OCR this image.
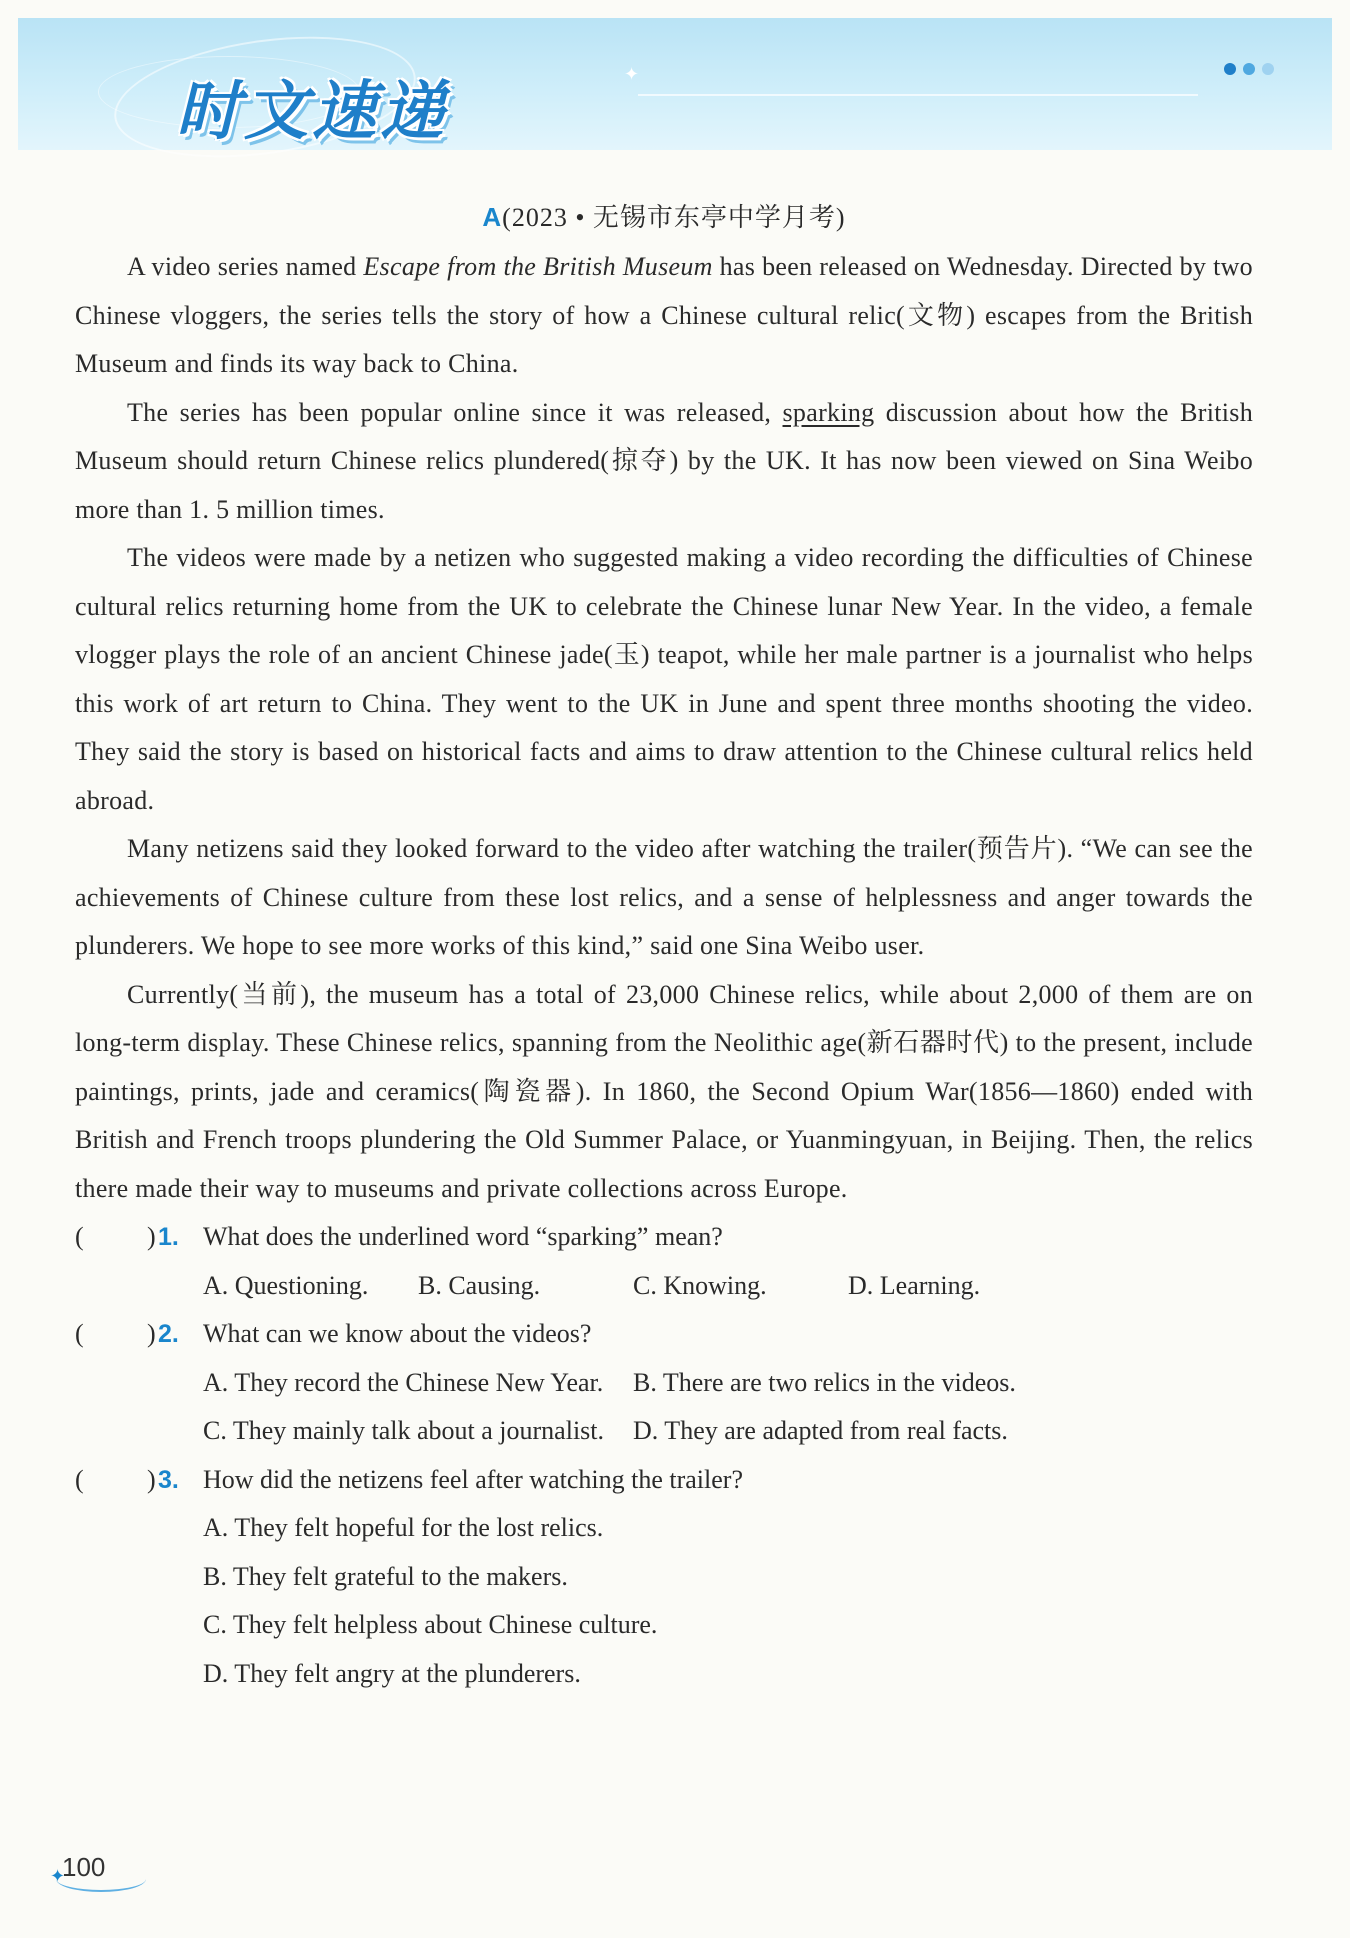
时文速递
✦
A(2023 • 无锡市东亭中学月考)

A video series named Escape from the British Museum has been released on Wednesday. Directed by two Chinese vloggers, the series tells the story of how a Chinese cultural relic(文物) escapes from the British Museum and finds its way back to China.

The series has been popular online since it was released, sparking discussion about how the British Museum should return Chinese relics plundered(掠夺) by the UK. It has now been viewed on Sina Weibo more than 1. 5 million times.

The videos were made by a netizen who suggested making a video recording the difficulties of Chinese cultural relics returning home from the UK to celebrate the Chinese lunar New Year. In the video, a female vlogger plays the role of an ancient Chinese jade(玉) teapot, while her male partner is a journalist who helps this work of art return to China. They went to the UK in June and spent three months shooting the video. They said the story is based on historical facts and aims to draw attention to the Chinese cultural relics held abroad.

Many netizens said they looked forward to the video after watching the trailer(预告片). “We can see the achievements of Chinese culture from these lost relics, and a sense of helplessness and anger towards the plunderers. We hope to see more works of this kind,” said one Sina Weibo user.

Currently(当前), the museum has a total of 23,000 Chinese relics, while about 2,000 of them are on long-term display. These Chinese relics, spanning from the Neolithic age(新石器时代) to the present, include paintings, prints, jade and ceramics(陶瓷器). In 1860, the Second Opium War(1856—1860) ended with British and French troops plundering the Old Summer Palace, or Yuanmingyuan, in Beijing. Then, the relics there made their way to museums and private collections across Europe.

( ) 1. What does the underlined word “sparking” mean?
A. Questioning. B. Causing.	C. Knowing.	D. Learning.
( ) 2. What can we know about the videos?
A. They record the Chinese New Year. B. There are two relics in the videos.
C. They mainly talk about a journalist. D. They are adapted from real facts.
( ) 3. How did the netizens feel after watching the trailer?
A. They felt hopeful for the lost relics.
B. They felt grateful to the makers.
C. They felt helpless about Chinese culture.
D. They felt angry at the plunderers.
✦
100
